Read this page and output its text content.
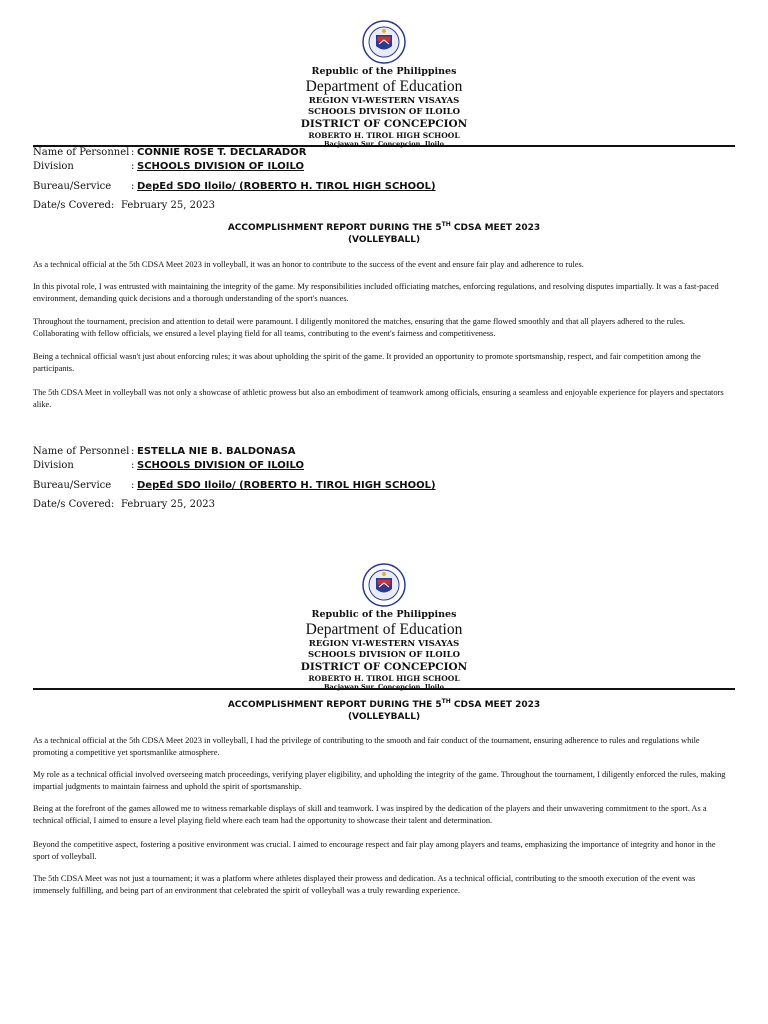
Republic of the Philippines
Department of Education
REGION VI-WESTERN VISAYAS
SCHOOLS DIVISION OF ILOILO
DISTRICT OF CONCEPCION
ROBERTO H. TIROL HIGH SCHOOL
Bacjawan Sur, Concepcion, Iloilo
Name of Personnel : CONNIE ROSE T. DECLARADOR
Division	: SCHOOLS DIVISION OF ILOILO
Bureau/Service	: DepEd SDO Iloilo/ (ROBERTO H. TIROL HIGH SCHOOL)
Date/s Covered: February 25, 2023
ACCOMPLISHMENT REPORT DURING THE 5TH CDSA MEET 2023
(VOLLEYBALL)

As a technical official at the 5th CDSA Meet 2023 in volleyball, it was an honor to contribute to the success of the event and ensure fair play and adherence to rules.

In this pivotal role, I was entrusted with maintaining the integrity of the game. My responsibilities included officiating matches, enforcing regulations, and resolving disputes impartially. It was a fast-paced environment, demanding quick decisions and a thorough understanding of the sport's nuances.

Throughout the tournament, precision and attention to detail were paramount. I diligently monitored the matches, ensuring that the game flowed smoothly and that all players adhered to the rules. Collaborating with fellow officials, we ensured a level playing field for all teams, contributing to the event's fairness and competitiveness.

Being a technical official wasn't just about enforcing rules; it was about upholding the spirit of the game. It provided an opportunity to promote sportsmanship, respect, and fair competition among the participants.

The 5th CDSA Meet in volleyball was not only a showcase of athletic prowess but also an embodiment of teamwork among officials, ensuring a seamless and enjoyable experience for players and spectators alike.

Name of Personnel : ESTELLA NIE B. BALDONASA
Division	: SCHOOLS DIVISION OF ILOILO
Bureau/Service	: DepEd SDO Iloilo/ (ROBERTO H. TIROL HIGH SCHOOL)
Date/s Covered: February 25, 2023
Republic of the Philippines
Department of Education
REGION VI-WESTERN VISAYAS
SCHOOLS DIVISION OF ILOILO
DISTRICT OF CONCEPCION
ROBERTO H. TIROL HIGH SCHOOL
Bacjawan Sur, Concepcion, Iloilo
ACCOMPLISHMENT REPORT DURING THE 5TH CDSA MEET 2023
(VOLLEYBALL)

As a technical official at the 5th CDSA Meet 2023 in volleyball, I had the privilege of contributing to the smooth and fair conduct of the tournament, ensuring adherence to rules and regulations while promoting a competitive yet sportsmanlike atmosphere.

My role as a technical official involved overseeing match proceedings, verifying player eligibility, and upholding the integrity of the game. Throughout the tournament, I diligently enforced the rules, making impartial judgments to maintain fairness and uphold the spirit of sportsmanship.

Being at the forefront of the games allowed me to witness remarkable displays of skill and teamwork. I was inspired by the dedication of the players and their unwavering commitment to the sport. As a technical official, I aimed to ensure a level playing field where each team had the opportunity to showcase their talent and determination.

Beyond the competitive aspect, fostering a positive environment was crucial. I aimed to encourage respect and fair play among players and teams, emphasizing the importance of integrity and honor in the sport of volleyball.

The 5th CDSA Meet was not just a tournament; it was a platform where athletes displayed their prowess and dedication. As a technical official, contributing to the smooth execution of the event was immensely fulfilling, and being part of an environment that celebrated the spirit of volleyball was a truly rewarding experience.
